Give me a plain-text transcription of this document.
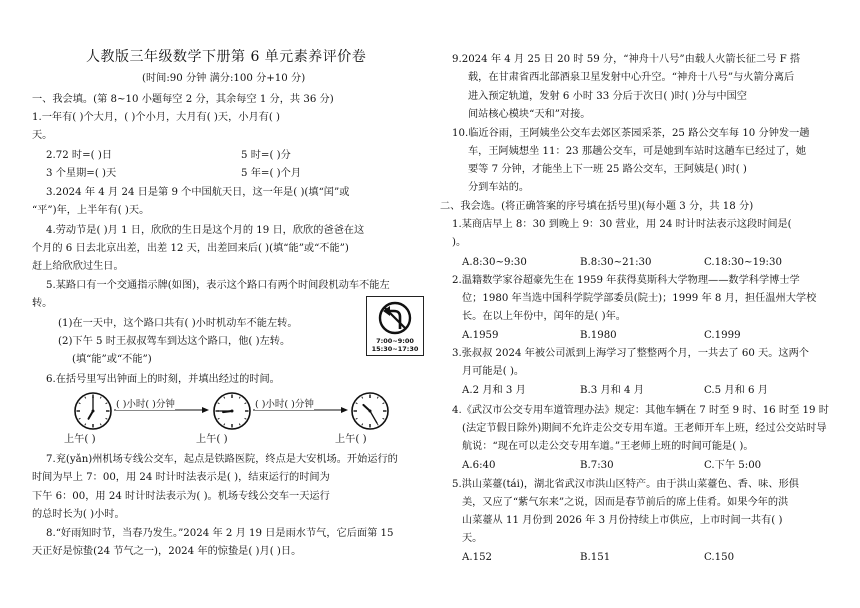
人教版三年级数学下册第 6 单元素养评价卷
(时间:90 分钟 满分:100 分+10 分)
一、我会填。(第 8~10 小题每空 2 分，其余每空 1 分，共 36 分)
1.一年有( )个大月，( )个小月，大月有( )天，小月有( )
天。
2.72 时=( )日	5 时=( )分
3 个星期=( )天	5 年=( )个月
3.2024 年 4 月 24 日是第 9 个中国航天日，这一年是( )(填“闰”或
“平”)年，上半年有( )天。
4.劳动节是( )月 1 日，欣欣的生日是这个月的 19 日，欣欣的爸爸在这
个月的 6 日去北京出差，出差 12 天，出差回来后( )(填“能”或“不能”)
赶上给欣欣过生日。
5.某路口有一个交通指示牌(如图)，表示这个路口有两个时间段机动车不能左
转。
(1)在一天中，这个路口共有( )小时机动车不能左转。
(2)下午 5 时王叔叔驾车到达这个路口，他( )左转。
(填“能”或“不能”)
7:00~9:00
15:30~17:30
6.在括号里写出钟面上的时刻，并填出经过的时间。
( )小时( )分钟	( )小时( )分钟
上午( )	上午( )	上午( )
7.兖(yǎn)州机场专线公交车，起点是铁路医院，终点是大安机场。开始运行的
时间为早上 7：00，用 24 时计时法表示是( )，结束运行的时间为
下午 6：00，用 24 时计时法表示为( )。机场专线公交车一天运行
的总时长为( )小时。
8.“好雨知时节，当春乃发生。”2024 年 2 月 19 日是雨水节气，它后面第 15
天正好是惊蛰(24 节气之一)，2024 年的惊蛰是( )月( )日。
9.2024 年 4 月 25 日 20 时 59 分，“神舟十八号”由载人火箭长征二号 F 搭
载，在甘肃省西北部酒泉卫星发射中心升空。“神舟十八号”与火箭分离后
进入预定轨道，发射 6 小时 33 分后于次日( )时( )分与中国空
间站核心模块“天和”对接。
10.临近谷雨，王阿姨坐公交车去郊区茶园采茶，25 路公交车每 10 分钟发一趟
车，王阿姨想坐 11：23 那趟公交车，可是她到车站时这趟车已经过了，她
要等 7 分钟，才能坐上下一班 25 路公交车，王阿姨是( )时( )
分到车站的。
二、我会选。(将正确答案的序号填在括号里)(每小题 3 分，共 18 分)
1.某商店早上 8：30 到晚上 9：30 营业，用 24 时计时法表示这段时间是(
)。
A.8:30~9:30	B.8:30~21:30	C.18:30~19:30
2.温籍数学家谷超豪先生在 1959 年获得莫斯科大学物理——数学科学博士学
位；1980 年当选中国科学院学部委员(院士)；1999 年 8 月，担任温州大学校
长。在以上年份中，闰年的是( )年。
A.1959	B.1980	C.1999
3.张叔叔 2024 年被公司派到上海学习了整整两个月，一共去了 60 天。这两个
月可能是( )。
A.2 月和 3 月	B.3 月和 4 月	C.5 月和 6 月
4.《武汉市公交专用车道管理办法》规定：其他车辆在 7 时至 9 时、16 时至 19 时
(法定节假日除外)期间不允许走公交专用车道。王老师开车上班，经过公交站时导
航说：“现在可以走公交专用车道。”王老师上班的时间可能是( )。
A.6:40	B.7:30	C.下午 5:00
5.洪山菜薹(tái)，湖北省武汉市洪山区特产。由于洪山菜薹色、香、味、形俱
美，又应了“紫气东来”之说，因而是春节前后的席上佳肴。如果今年的洪
山菜薹从 11 月份到 2026 年 3 月份持续上市供应，上市时间一共有( )
天。
A.152	B.151	C.150
